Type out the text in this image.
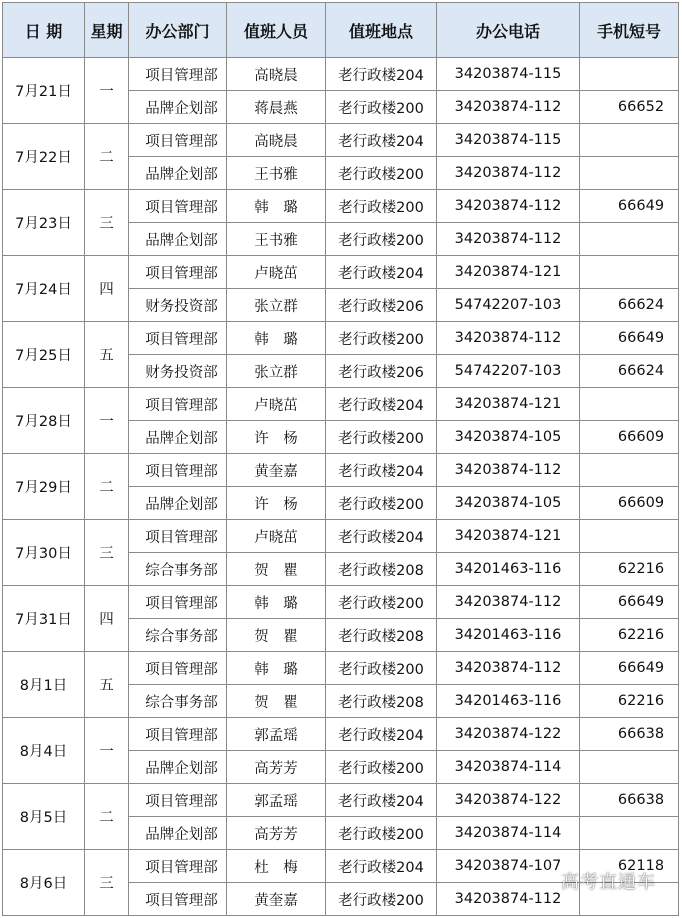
日 期	星期	办公部门	值班人员	值班地点	办公电话	手机短号
7月21日	一	项目管理部	高晓晨	老行政楼204	34203874-115	
		品牌企划部	蒋晨燕	老行政楼200	34203874-112	66652
7月22日	二	项目管理部	高晓晨	老行政楼204	34203874-115	
		品牌企划部	王书雅	老行政楼200	34203874-112	
7月23日	三	项目管理部	韩　璐	老行政楼200	34203874-112	66649
		品牌企划部	王书雅	老行政楼200	34203874-112	
7月24日	四	项目管理部	卢晓茁	老行政楼204	34203874-121	
		财务投资部	张立群	老行政楼206	54742207-103	66624
7月25日	五	项目管理部	韩　璐	老行政楼200	34203874-112	66649
		财务投资部	张立群	老行政楼206	54742207-103	66624
7月28日	一	项目管理部	卢晓茁	老行政楼204	34203874-121	
		品牌企划部	许　杨	老行政楼200	34203874-105	66609
7月29日	二	项目管理部	黄奎嘉	老行政楼204	34203874-112	
		品牌企划部	许　杨	老行政楼200	34203874-105	66609
7月30日	三	项目管理部	卢晓茁	老行政楼204	34203874-121	
		综合事务部	贺　瞿	老行政楼208	34201463-116	62216
7月31日	四	项目管理部	韩　璐	老行政楼200	34203874-112	66649
		综合事务部	贺　瞿	老行政楼208	34201463-116	62216
8月1日	五	项目管理部	韩　璐	老行政楼200	34203874-112	66649
		综合事务部	贺　瞿	老行政楼208	34201463-116	62216
8月4日	一	项目管理部	郭孟瑶	老行政楼204	34203874-122	66638
		品牌企划部	高芳芳	老行政楼200	34203874-114	
8月5日	二	项目管理部	郭孟瑶	老行政楼204	34203874-122	66638
		品牌企划部	高芳芳	老行政楼200	34203874-114	
8月6日	三	项目管理部	杜　梅	老行政楼204	34203874-107	62118
		项目管理部	黄奎嘉	老行政楼200	34203874-112	
高考直通车
